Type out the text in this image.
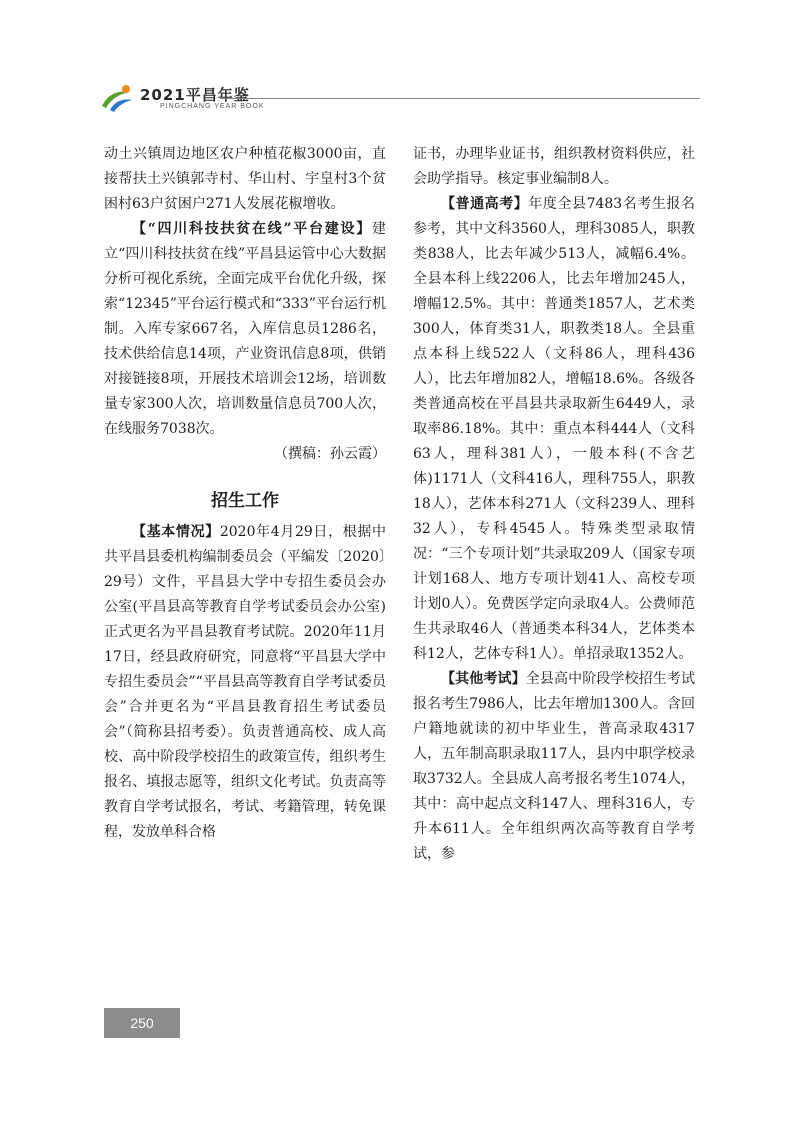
2021平昌年鉴
PINGCHANG YEAR BOOK

动土兴镇周边地区农户种植花椒3000亩，直接帮扶土兴镇郭寺村、华山村、宇皇村3个贫困村63户贫困户271人发展花椒增收。

【“四川科技扶贫在线”平台建设】建立“四川科技扶贫在线”平昌县运管中心大数据分析可视化系统，全面完成平台优化升级，探索“12345”平台运行模式和“333”平台运行机制。入库专家667名，入库信息员1286名，技术供给信息14项，产业资讯信息8项，供销对接链接8项，开展技术培训会12场，培训数量专家300人次，培训数量信息员700人次，在线服务7038次。

（撰稿：孙云霞）

招生工作

【基本情况】2020年4月29日，根据中共平昌县委机构编制委员会（平编发〔2020〕29号）文件，平昌县大学中专招生委员会办公室(平昌县高等教育自学考试委员会办公室)正式更名为平昌县教育考试院。2020年11月17日，经县政府研究，同意将“平昌县大学中专招生委员会”“平昌县高等教育自学考试委员会”合并更名为“平昌县教育招生考试委员会”（简称县招考委）。负责普通高校、成人高校、高中阶段学校招生的政策宣传，组织考生报名、填报志愿等，组织文化考试。负责高等教育自学考试报名，考试、考籍管理，转免课程，发放单科合格

证书，办理毕业证书，组织教材资料供应，社会助学指导。核定事业编制8人。

【普通高考】年度全县7483名考生报名参考，其中文科3560人，理科3085人，职教类838人，比去年减少513人，减幅6.4%。全县本科上线2206人，比去年增加245人，增幅12.5%。其中：普通类1857人，艺术类300人，体育类31人，职教类18人。全县重点本科上线522人（文科86人，理科436人），比去年增加82人，增幅18.6%。各级各类普通高校在平昌县共录取新生6449人，录取率86.18%。其中：重点本科444人（文科63人，理科381人），一般本科(不含艺体)1171人（文科416人，理科755人，职教18人），艺体本科271人（文科239人、理科32人），专科4545人。特殊类型录取情况：“三个专项计划”共录取209人（国家专项计划168人、地方专项计划41人、高校专项计划0人）。免费医学定向录取4人。公费师范生共录取46人（普通类本科34人，艺体类本科12人，艺体专科1人）。单招录取1352人。

【其他考试】全县高中阶段学校招生考试报名考生7986人，比去年增加1300人。含回户籍地就读的初中毕业生，普高录取4317人，五年制高职录取117人，县内中职学校录取3732人。全县成人高考报名考生1074人，其中：高中起点文科147人、理科316人，专升本611人。全年组织两次高等教育自学考试，参

250
